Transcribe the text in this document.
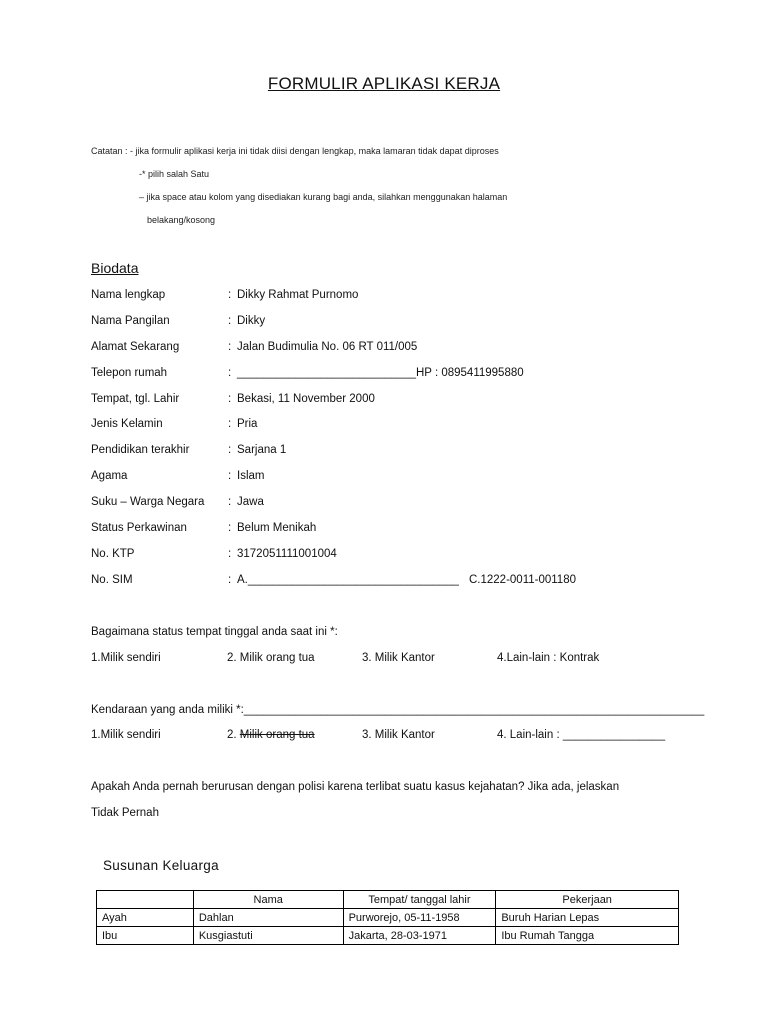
FORMULIR APLIKASI KERJA
Catatan : - jika formulir aplikasi kerja ini tidak diisi dengan lengkap, maka lamaran tidak dapat diproses
-* pilih salah Satu
– jika space atau kolom yang disediakan kurang bagi anda, silahkan menggunakan halaman
belakang/kosong
Biodata
Nama lengkap	: Dikky Rahmat Purnomo
Nama Pangilan	: Dikky
Alamat Sekarang	: Jalan Budimulia No. 06 RT 011/005
Telepon rumah	: ____________________________ HP : 0895411995880
Tempat, tgl. Lahir	: Bekasi, 11 November 2000
Jenis Kelamin	: Pria
Pendidikan terakhir	: Sarjana 1
Agama	: Islam
Suku – Warga Negara : Jawa
Status Perkawinan	: Belum Menikah
No. KTP	: 3172051111001004
No. SIM	: A._________________________________ C.1222-0011-001180
Bagaimana status tempat tinggal anda saat ini *:
1.Milik sendiri	2. Milik orang tua	3. Milik Kantor	4.Lain-lain : Kontrak
Kendaraan yang anda miliki *:________________________________________________________________________
1.Milik sendiri	2. Milik orang tua	3. Milik Kantor	4. Lain-lain : ________________
Apakah Anda pernah berurusan dengan polisi karena terlibat suatu kasus kejahatan? Jika ada, jelaskan
Tidak Pernah
Susunan Keluarga
	Nama	Tempat/ tanggal lahir	Pekerjaan
Ayah	Dahlan	Purworejo, 05-11-1958	Buruh Harian Lepas
Ibu	Kusgiastuti	Jakarta, 28-03-1971	Ibu Rumah Tangga
